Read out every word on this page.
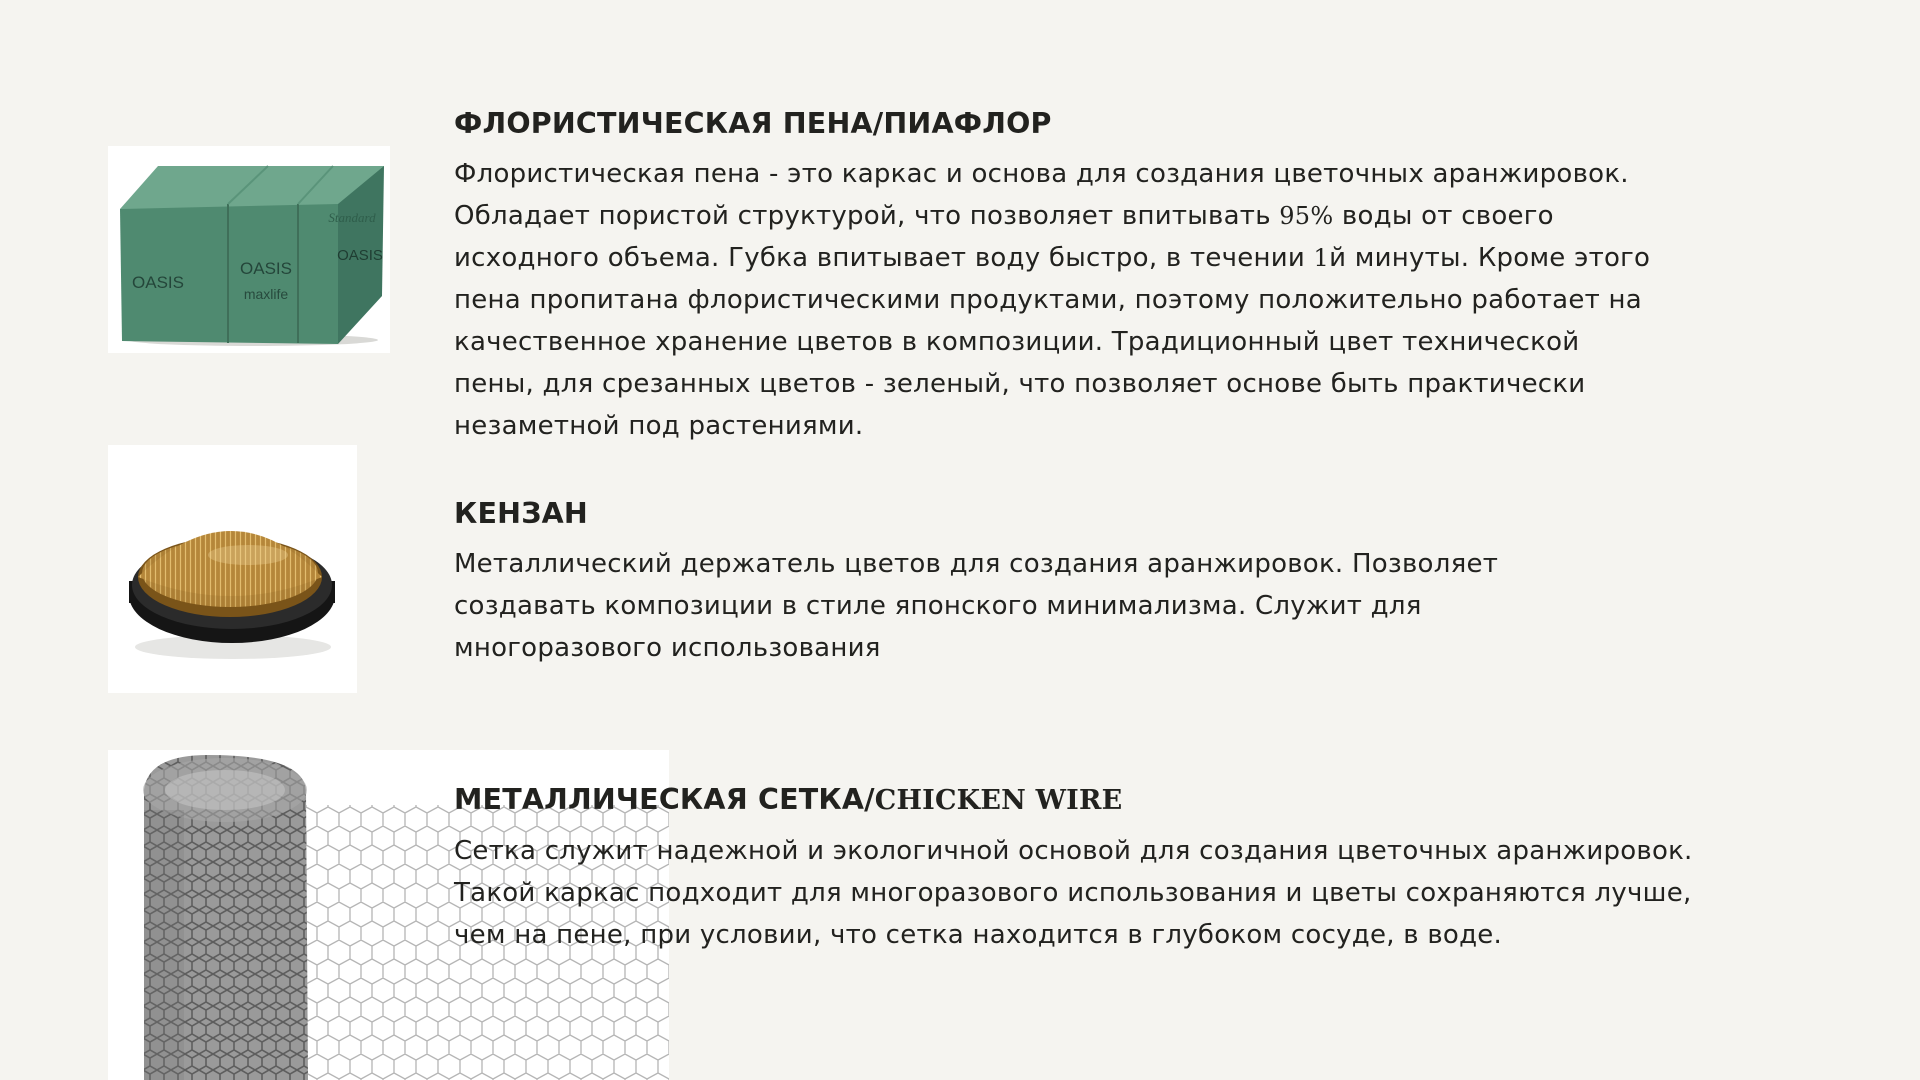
OASIS
OASIS
OASIS
Standard
maxlife
ФЛОРИСТИЧЕСКАЯ ПЕНА/ПИАФЛОР

Флористическая пена - это каркас и основа для создания цветочных аранжировок.
Обладает пористой структурой, что позволяет впитывать 95% воды от своего
исходного объема. Губка впитывает воду быстро, в течении 1й минуты. Кроме этого
пена пропитана флористическими продуктами, поэтому положительно работает на
качественное хранение цветов в композиции. Традиционный цвет технической
пены, для срезанных цветов - зеленый, что позволяет основе быть практически
незаметной под растениями.

КЕНЗАН

Металлический держатель цветов для создания аранжировок. Позволяет
создавать композиции в стиле японского минимализма. Служит для
многоразового использования

МЕТАЛЛИЧЕСКАЯ СЕТКА/CHICKEN WIRE

Сетка служит надежной и экологичной основой для создания цветочных аранжировок.
Такой каркас подходит для многоразового использования и цветы сохраняются лучше,
чем на пене, при условии, что сетка находится в глубоком сосуде, в воде.
